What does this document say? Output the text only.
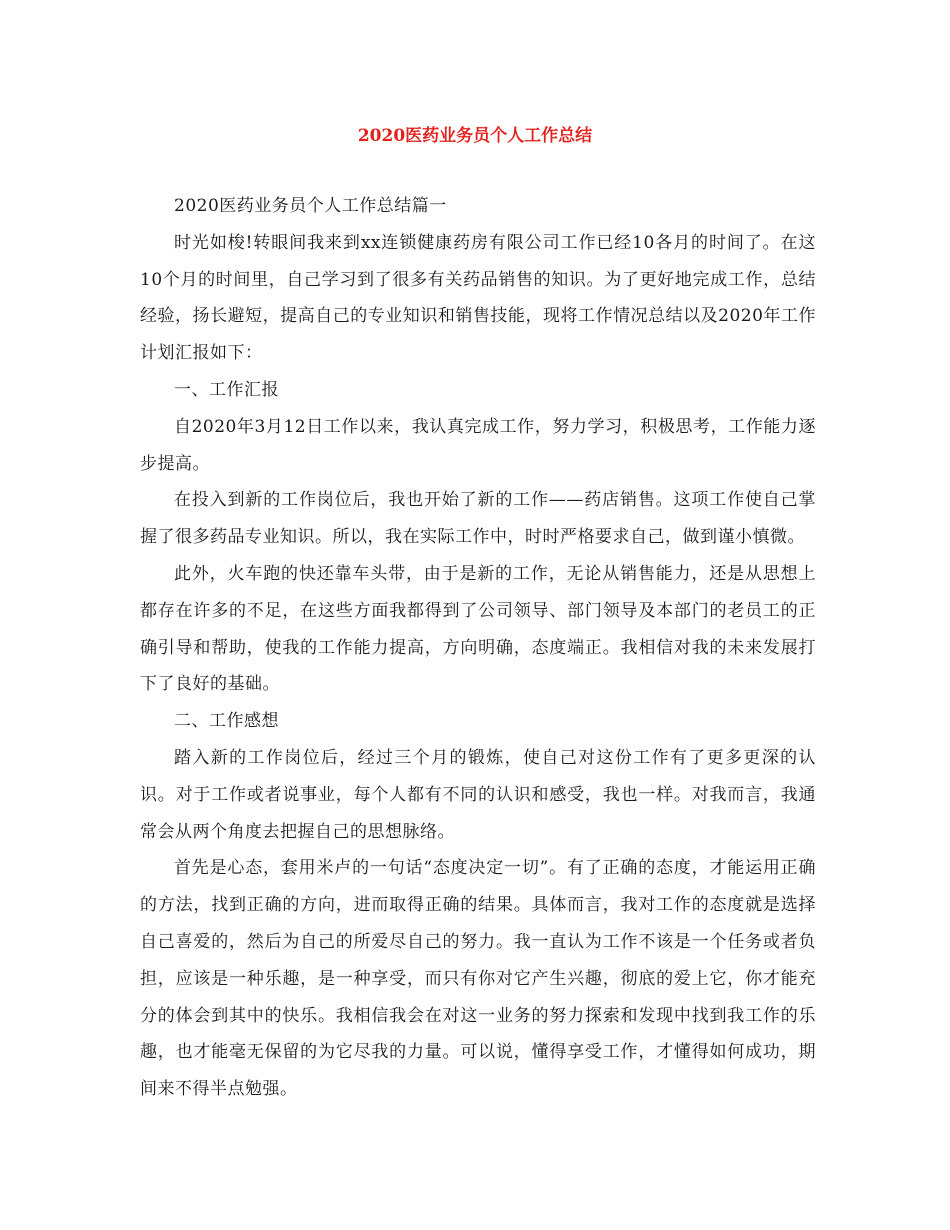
2020医药业务员个人工作总结

2020医药业务员个人工作总结篇一

时光如梭!转眼间我来到xx连锁健康药房有限公司工作已经10各月的时间了。在这10个月的时间里，自己学习到了很多有关药品销售的知识。为了更好地完成工作，总结经验，扬长避短，提高自己的专业知识和销售技能，现将工作情况总结以及2020年工作计划汇报如下：

一、工作汇报

自2020年3月12日工作以来，我认真完成工作，努力学习，积极思考，工作能力逐步提高。

在投入到新的工作岗位后，我也开始了新的工作——药店销售。这项工作使自己掌握了很多药品专业知识。所以，我在实际工作中，时时严格要求自己，做到谨小慎微。

此外，火车跑的快还靠车头带，由于是新的工作，无论从销售能力，还是从思想上都存在许多的不足，在这些方面我都得到了公司领导、部门领导及本部门的老员工的正确引导和帮助，使我的工作能力提高，方向明确，态度端正。我相信对我的未来发展打下了良好的基础。

二、工作感想

踏入新的工作岗位后，经过三个月的锻炼，使自己对这份工作有了更多更深的认识。对于工作或者说事业，每个人都有不同的认识和感受，我也一样。对我而言，我通常会从两个角度去把握自己的思想脉络。

首先是心态，套用米卢的一句话“态度决定一切”。有了正确的态度，才能运用正确的方法，找到正确的方向，进而取得正确的结果。具体而言，我对工作的态度就是选择自己喜爱的，然后为自己的所爱尽自己的努力。我一直认为工作不该是一个任务或者负担，应该是一种乐趣，是一种享受，而只有你对它产生兴趣，彻底的爱上它，你才能充分的体会到其中的快乐。我相信我会在对这一业务的努力探索和发现中找到我工作的乐趣，也才能毫无保留的为它尽我的力量。可以说，懂得享受工作，才懂得如何成功，期间来不得半点勉强。
